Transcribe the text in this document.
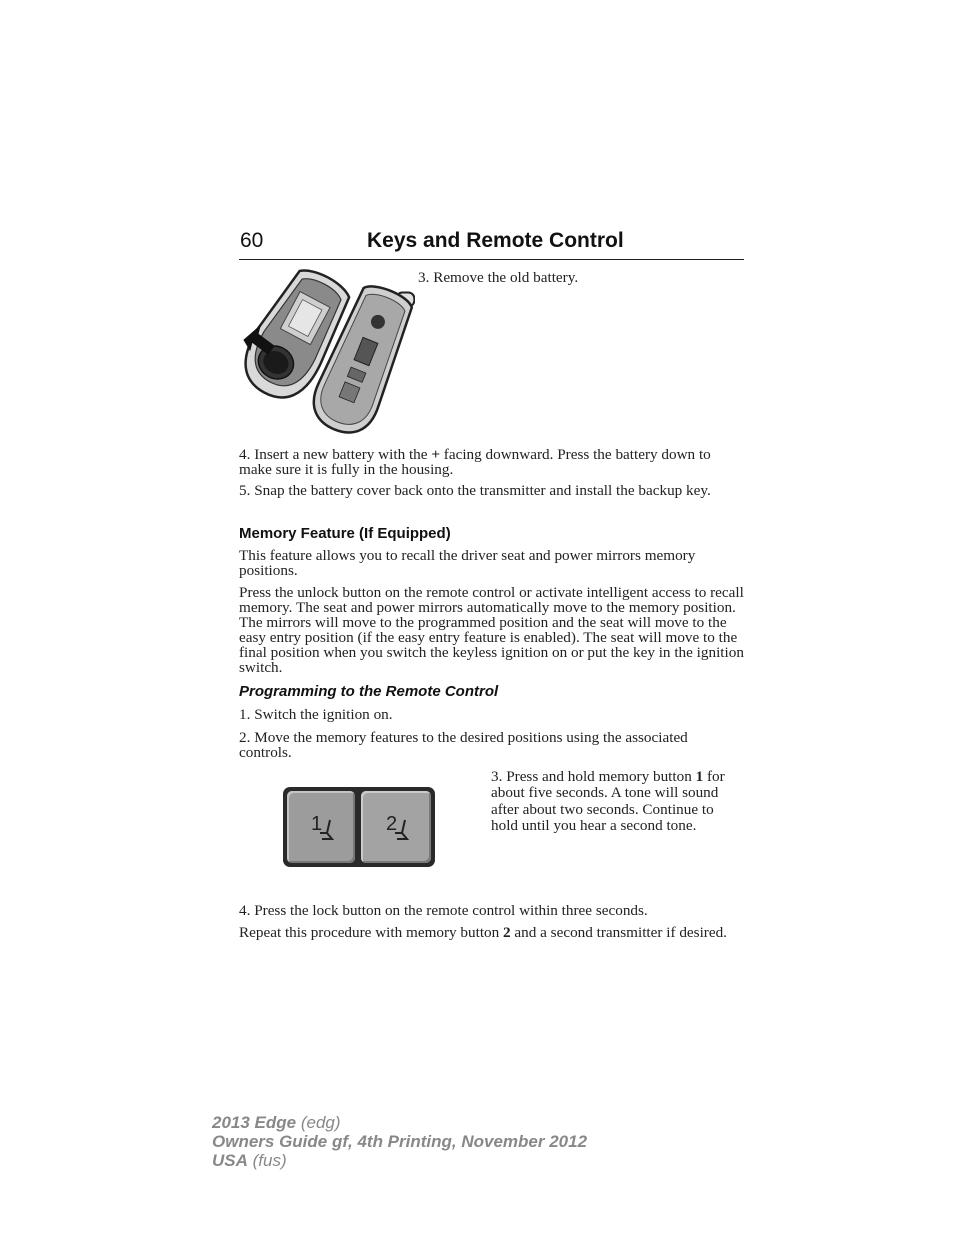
60	Keys and Remote Control

3. Remove the old battery.

4. Insert a new battery with the + facing downward. Press the battery down to make sure it is fully in the housing.

5. Snap the battery cover back onto the transmitter and install the backup key.

Memory Feature (If Equipped)

This feature allows you to recall the driver seat and power mirrors memory positions.

Press the unlock button on the remote control or activate intelligent access to recall memory. The seat and power mirrors automatically move to the memory position. The mirrors will move to the programmed position and the seat will move to the easy entry position (if the easy entry feature is enabled). The seat will move to the final position when you switch the keyless ignition on or put the key in the ignition switch.

Programming to the Remote Control

1. Switch the ignition on.

2. Move the memory features to the desired positions using the associated controls.

1	2

3. Press and hold memory button 1 for about five seconds. A tone will sound after about two seconds. Continue to hold until you hear a second tone.

4. Press the lock button on the remote control within three seconds.

Repeat this procedure with memory button 2 and a second transmitter if desired.

2013 Edge (edg)
Owners Guide gf, 4th Printing, November 2012
USA (fus)
